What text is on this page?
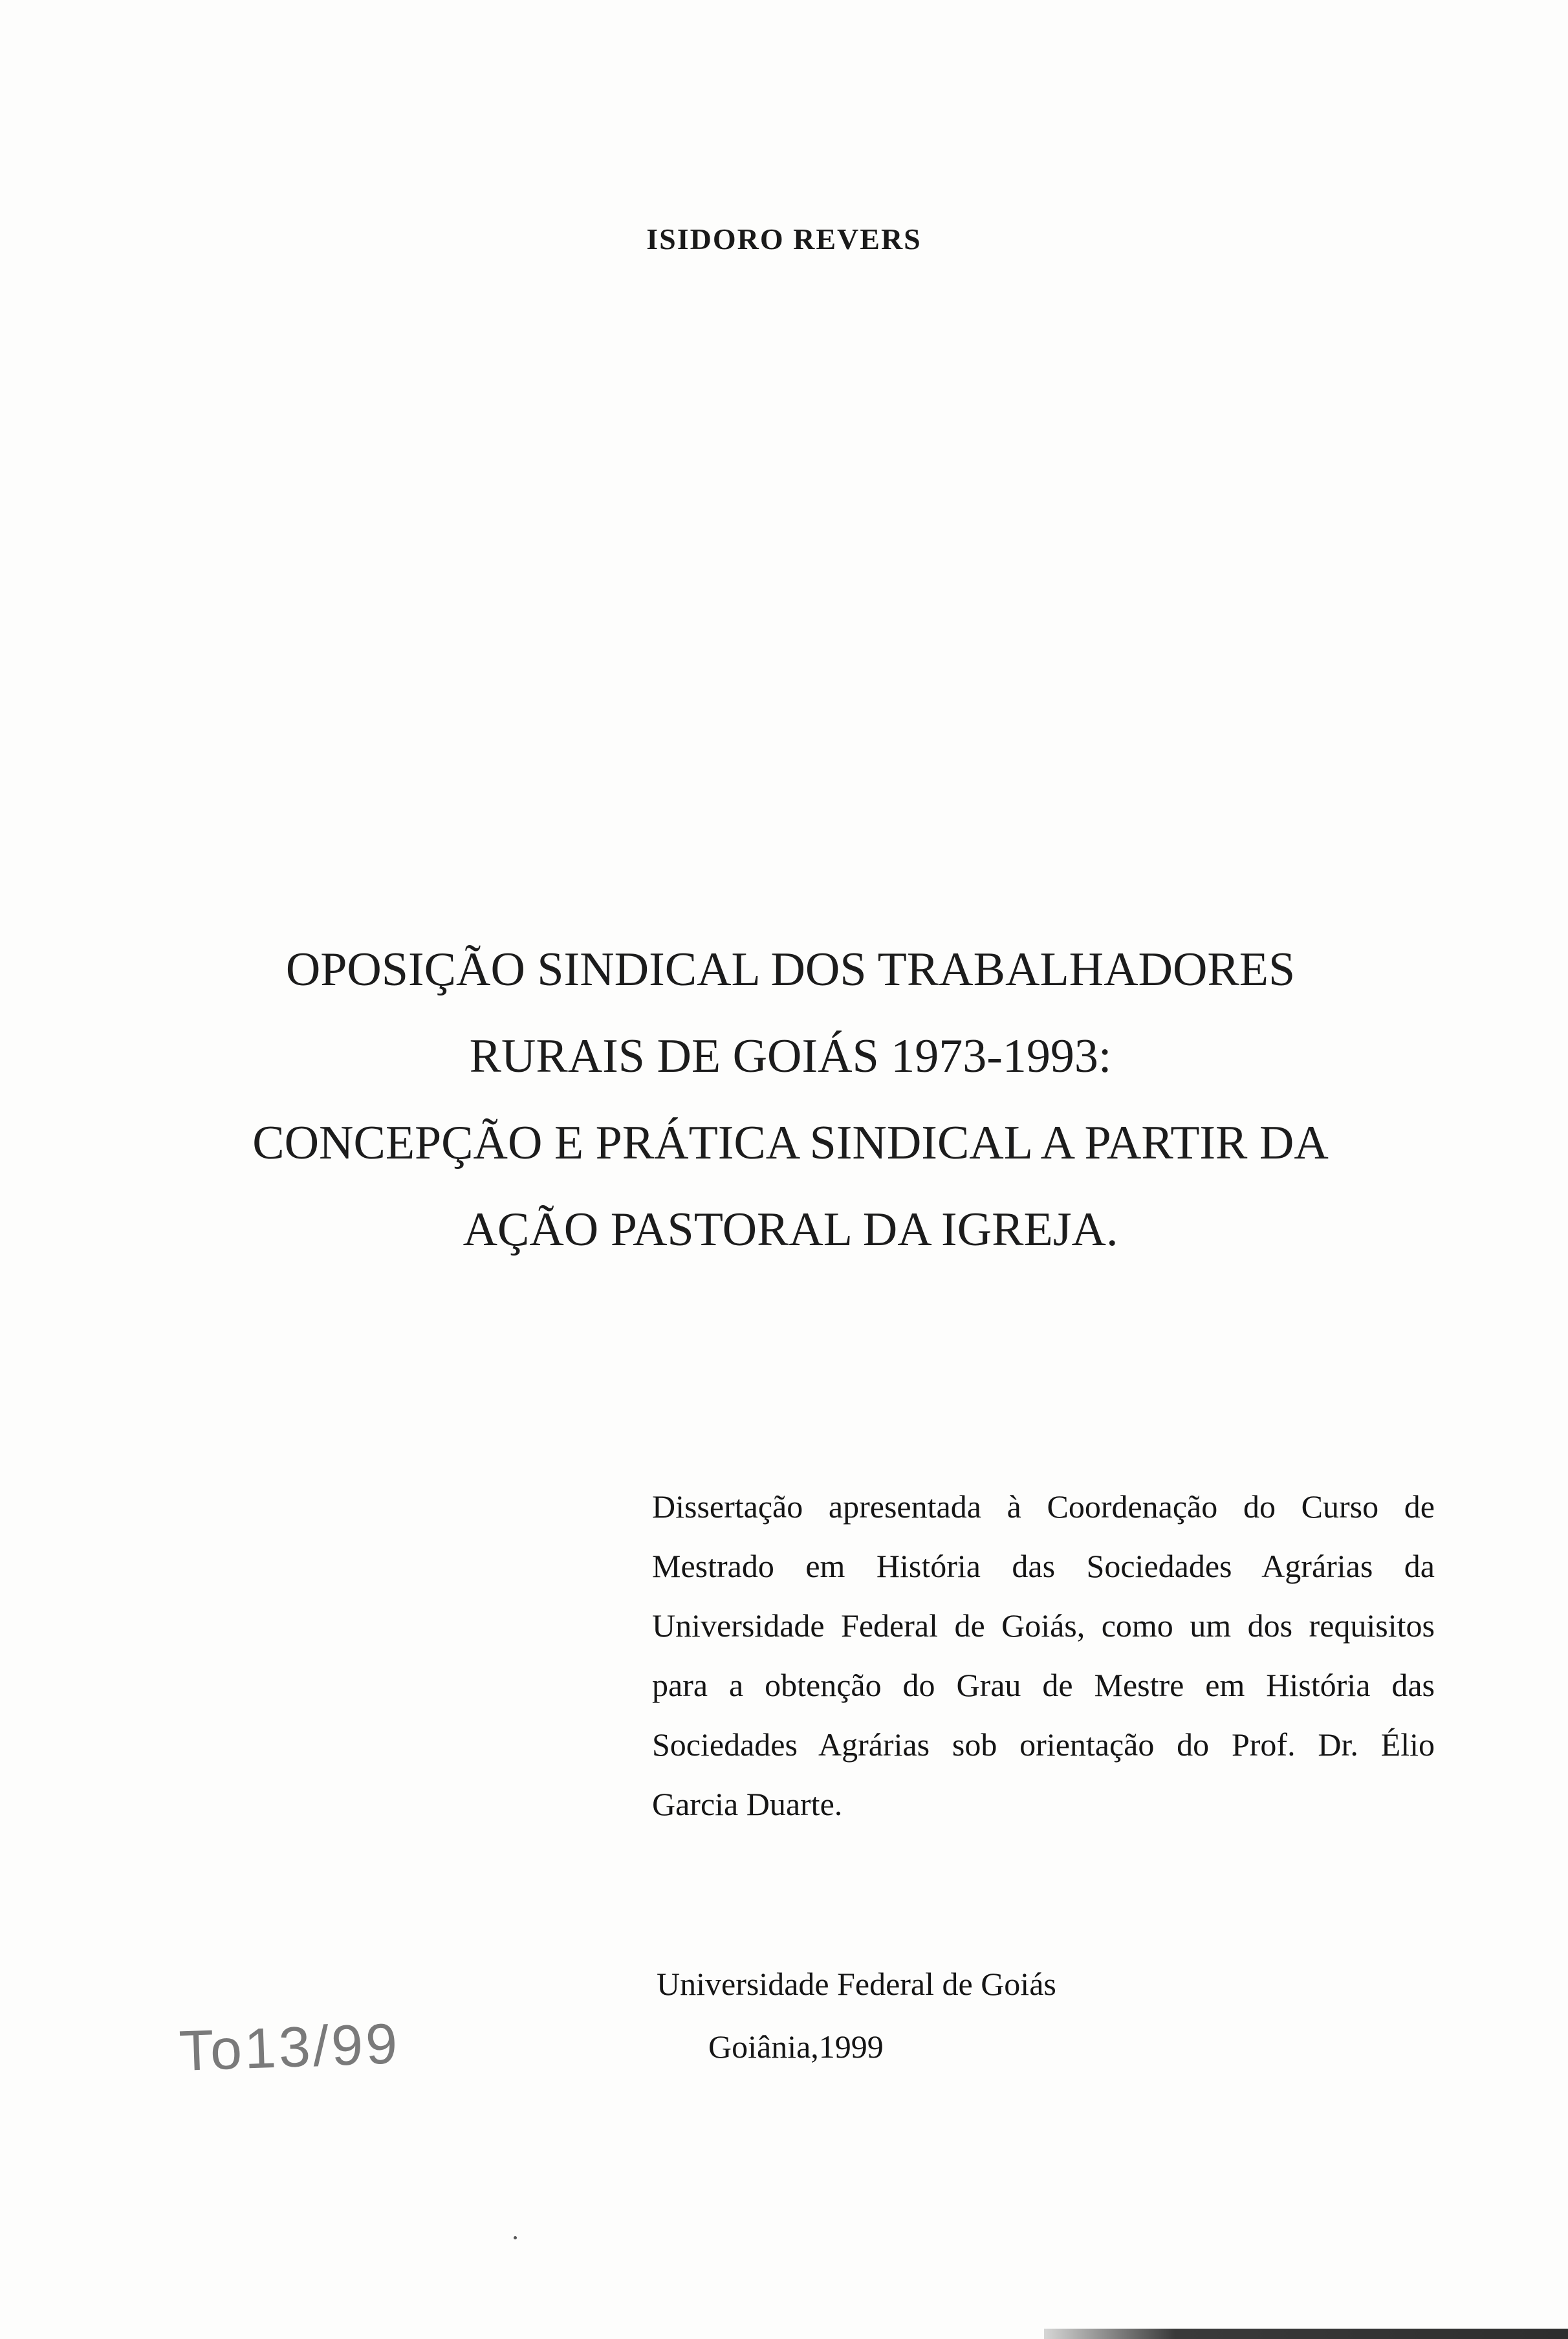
ISIDORO REVERS
OPOSIÇÃO SINDICAL DOS TRABALHADORES
RURAIS DE GOIÁS 1973-1993:
CONCEPÇÃO E PRÁTICA SINDICAL A PARTIR DA
AÇÃO PASTORAL DA IGREJA.
Dissertação apresentada à Coordenação do Curso de
Mestrado em História das Sociedades Agrárias da
Universidade Federal de Goiás, como um dos requisitos
para a obtenção do Grau de Mestre em História das
Sociedades Agrárias sob orientação do Prof. Dr. Élio
Garcia Duarte.
Universidade Federal de Goiás
Goiânia,1999
To13/99
